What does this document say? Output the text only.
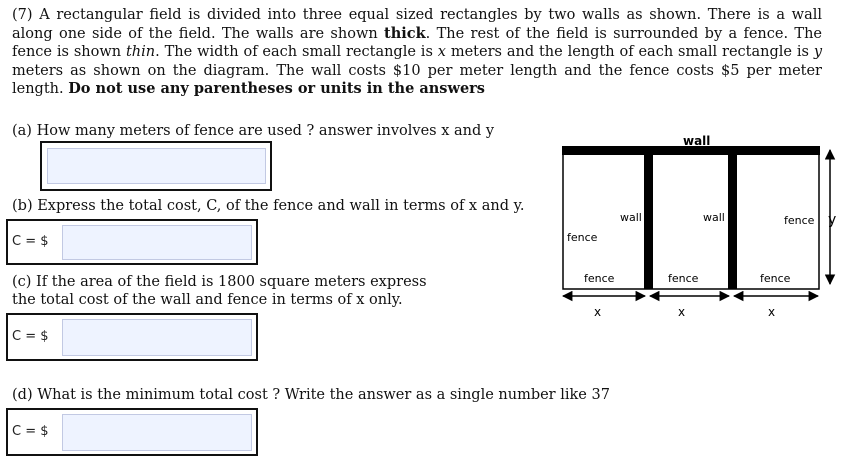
(7) A rectangular field is divided into three equal sized rectangles by two walls as shown. There is a wall along one side of the field. The walls are shown thick. The rest of the field is surrounded by a fence. The fence is shown thin. The width of each small rectangle is x meters and the length of each small rectangle is y meters as shown on the diagram. The wall costs $10 per meter length and the fence costs $5 per meter length. Do not use any parentheses or units in the answers
(a) How many meters of fence are used ? answer involves x and y
(b) Express the total cost, C, of the fence and wall in terms of x and y.
C = $
(c) If the area of the field is 1800 square meters express the total cost of the wall and fence in terms of x only.
C = $
(d) What is the minimum total cost ? Write the answer as a single number like 37
C = $
wall
wall	wall
fence
fence y
fence	fence	fence
x	x	x
